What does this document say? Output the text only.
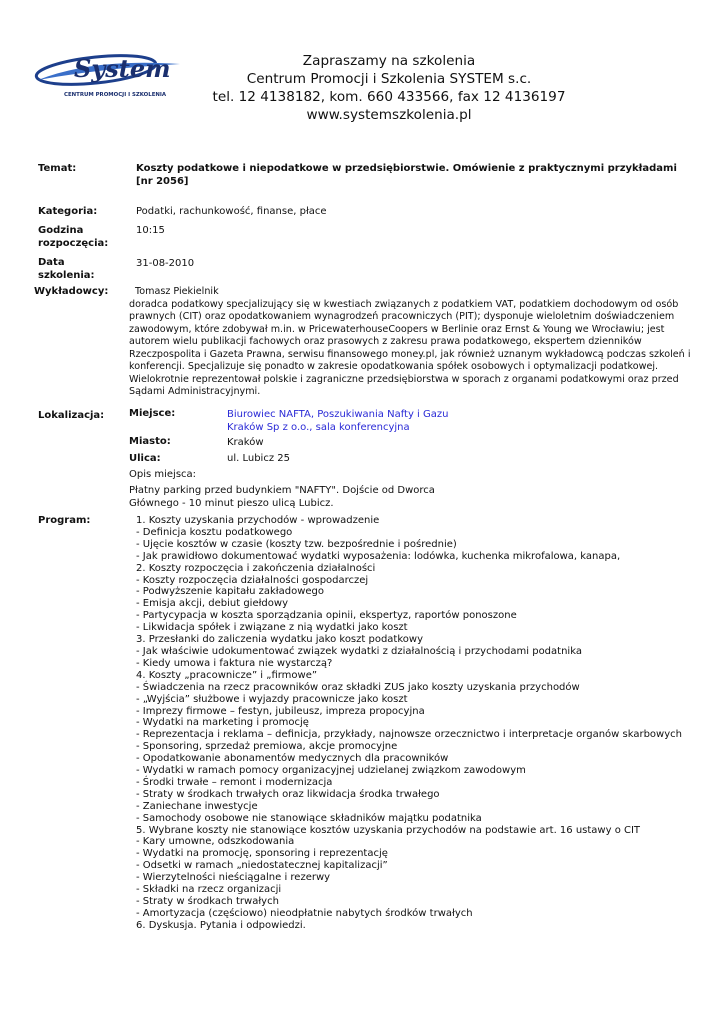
System
CENTRUM PROMOCJI I SZKOLENIA
Zapraszamy na szkolenia
Centrum Promocji i Szkolenia SYSTEM s.c.
tel. 12 4138182, kom. 660 433566, fax 12 4136197
www.systemszkolenia.pl
Temat:	Koszty podatkowe i niepodatkowe w przedsiębiorstwie. Omówienie z praktycznymi przykładami [nr 2056]
Kategoria:	Podatki, rachunkowość, finanse, płace
Godzina
rozpoczęcia:
10:15
Data
szkolenia:
31-08-2010
Wykładowcy:	Tomasz Piekielnik
doradca podatkowy specjalizujący się w kwestiach związanych z podatkiem VAT, podatkiem dochodowym od osób prawnych (CIT) oraz opodatkowaniem wynagrodzeń pracowniczych (PIT); dysponuje wieloletnim doświadczeniem zawodowym, które zdobywał m.in. w PricewaterhouseCoopers w Berlinie oraz Ernst & Young we Wrocławiu; jest autorem wielu publikacji fachowych oraz prasowych z zakresu prawa podatkowego, ekspertem dzienników Rzeczpospolita i Gazeta Prawna, serwisu finansowego money.pl, jak również uznanym wykładowcą podczas szkoleń i konferencji. Specjalizuje się ponadto w zakresie opodatkowania spółek osobowych i optymalizacji podatkowej. Wielokrotnie reprezentował polskie i zagraniczne przedsiębiorstwa w sporach z organami podatkowymi oraz przed Sądami Administracyjnymi.
Lokalizacja: Miejsce:	Biurowiec NAFTA, Poszukiwania Nafty i Gazu
Kraków Sp z o.o., sala konferencyjna
Miasto:	Kraków
Ulica:	ul. Lubicz 25
Opis miejsca:
Płatny parking przed budynkiem "NAFTY". Dojście od Dworca Głównego - 10 minut pieszo ulicą Lubicz.
Program:	1. Koszty uzyskania przychodów - wprowadzenie
- Definicja kosztu podatkowego
- Ujęcie kosztów w czasie (koszty tzw. bezpośrednie i pośrednie)
- Jak prawidłowo dokumentować wydatki wyposażenia: lodówka, kuchenka mikrofalowa, kanapa,
2. Koszty rozpoczęcia i zakończenia działalności
- Koszty rozpoczęcia działalności gospodarczej
- Podwyższenie kapitału zakładowego
- Emisja akcji, debiut giełdowy
- Partycypacja w koszta sporządzania opinii, ekspertyz, raportów ponoszone
- Likwidacja spółek i związane z nią wydatki jako koszt
3. Przesłanki do zaliczenia wydatku jako koszt podatkowy
- Jak właściwie udokumentować związek wydatki z działalnością i przychodami podatnika
- Kiedy umowa i faktura nie wystarczą?
4. Koszty „pracownicze” i „firmowe”
- Świadczenia na rzecz pracowników oraz składki ZUS jako koszty uzyskania przychodów
- „Wyjścia” służbowe i wyjazdy pracownicze jako koszt
- Imprezy firmowe – festyn, jubileusz, impreza propocyjna
- Wydatki na marketing i promocję
- Reprezentacja i reklama – definicja, przykłady, najnowsze orzecznictwo i interpretacje organów skarbowych
- Sponsoring, sprzedaż premiowa, akcje promocyjne
- Opodatkowanie abonamentów medycznych dla pracowników
- Wydatki w ramach pomocy organizacyjnej udzielanej związkom zawodowym
- Środki trwałe – remont i modernizacja
- Straty w środkach trwałych oraz likwidacja środka trwałego
- Zaniechane inwestycje
- Samochody osobowe nie stanowiące składników majątku podatnika
5. Wybrane koszty nie stanowiące kosztów uzyskania przychodów na podstawie art. 16 ustawy o CIT
- Kary umowne, odszkodowania
- Wydatki na promocję, sponsoring i reprezentację
- Odsetki w ramach „niedostatecznej kapitalizacji”
- Wierzytelności nieściągalne i rezerwy
- Składki na rzecz organizacji
- Straty w środkach trwałych
- Amortyzacja (częściowo) nieodpłatnie nabytych środków trwałych
6. Dyskusja. Pytania i odpowiedzi.
